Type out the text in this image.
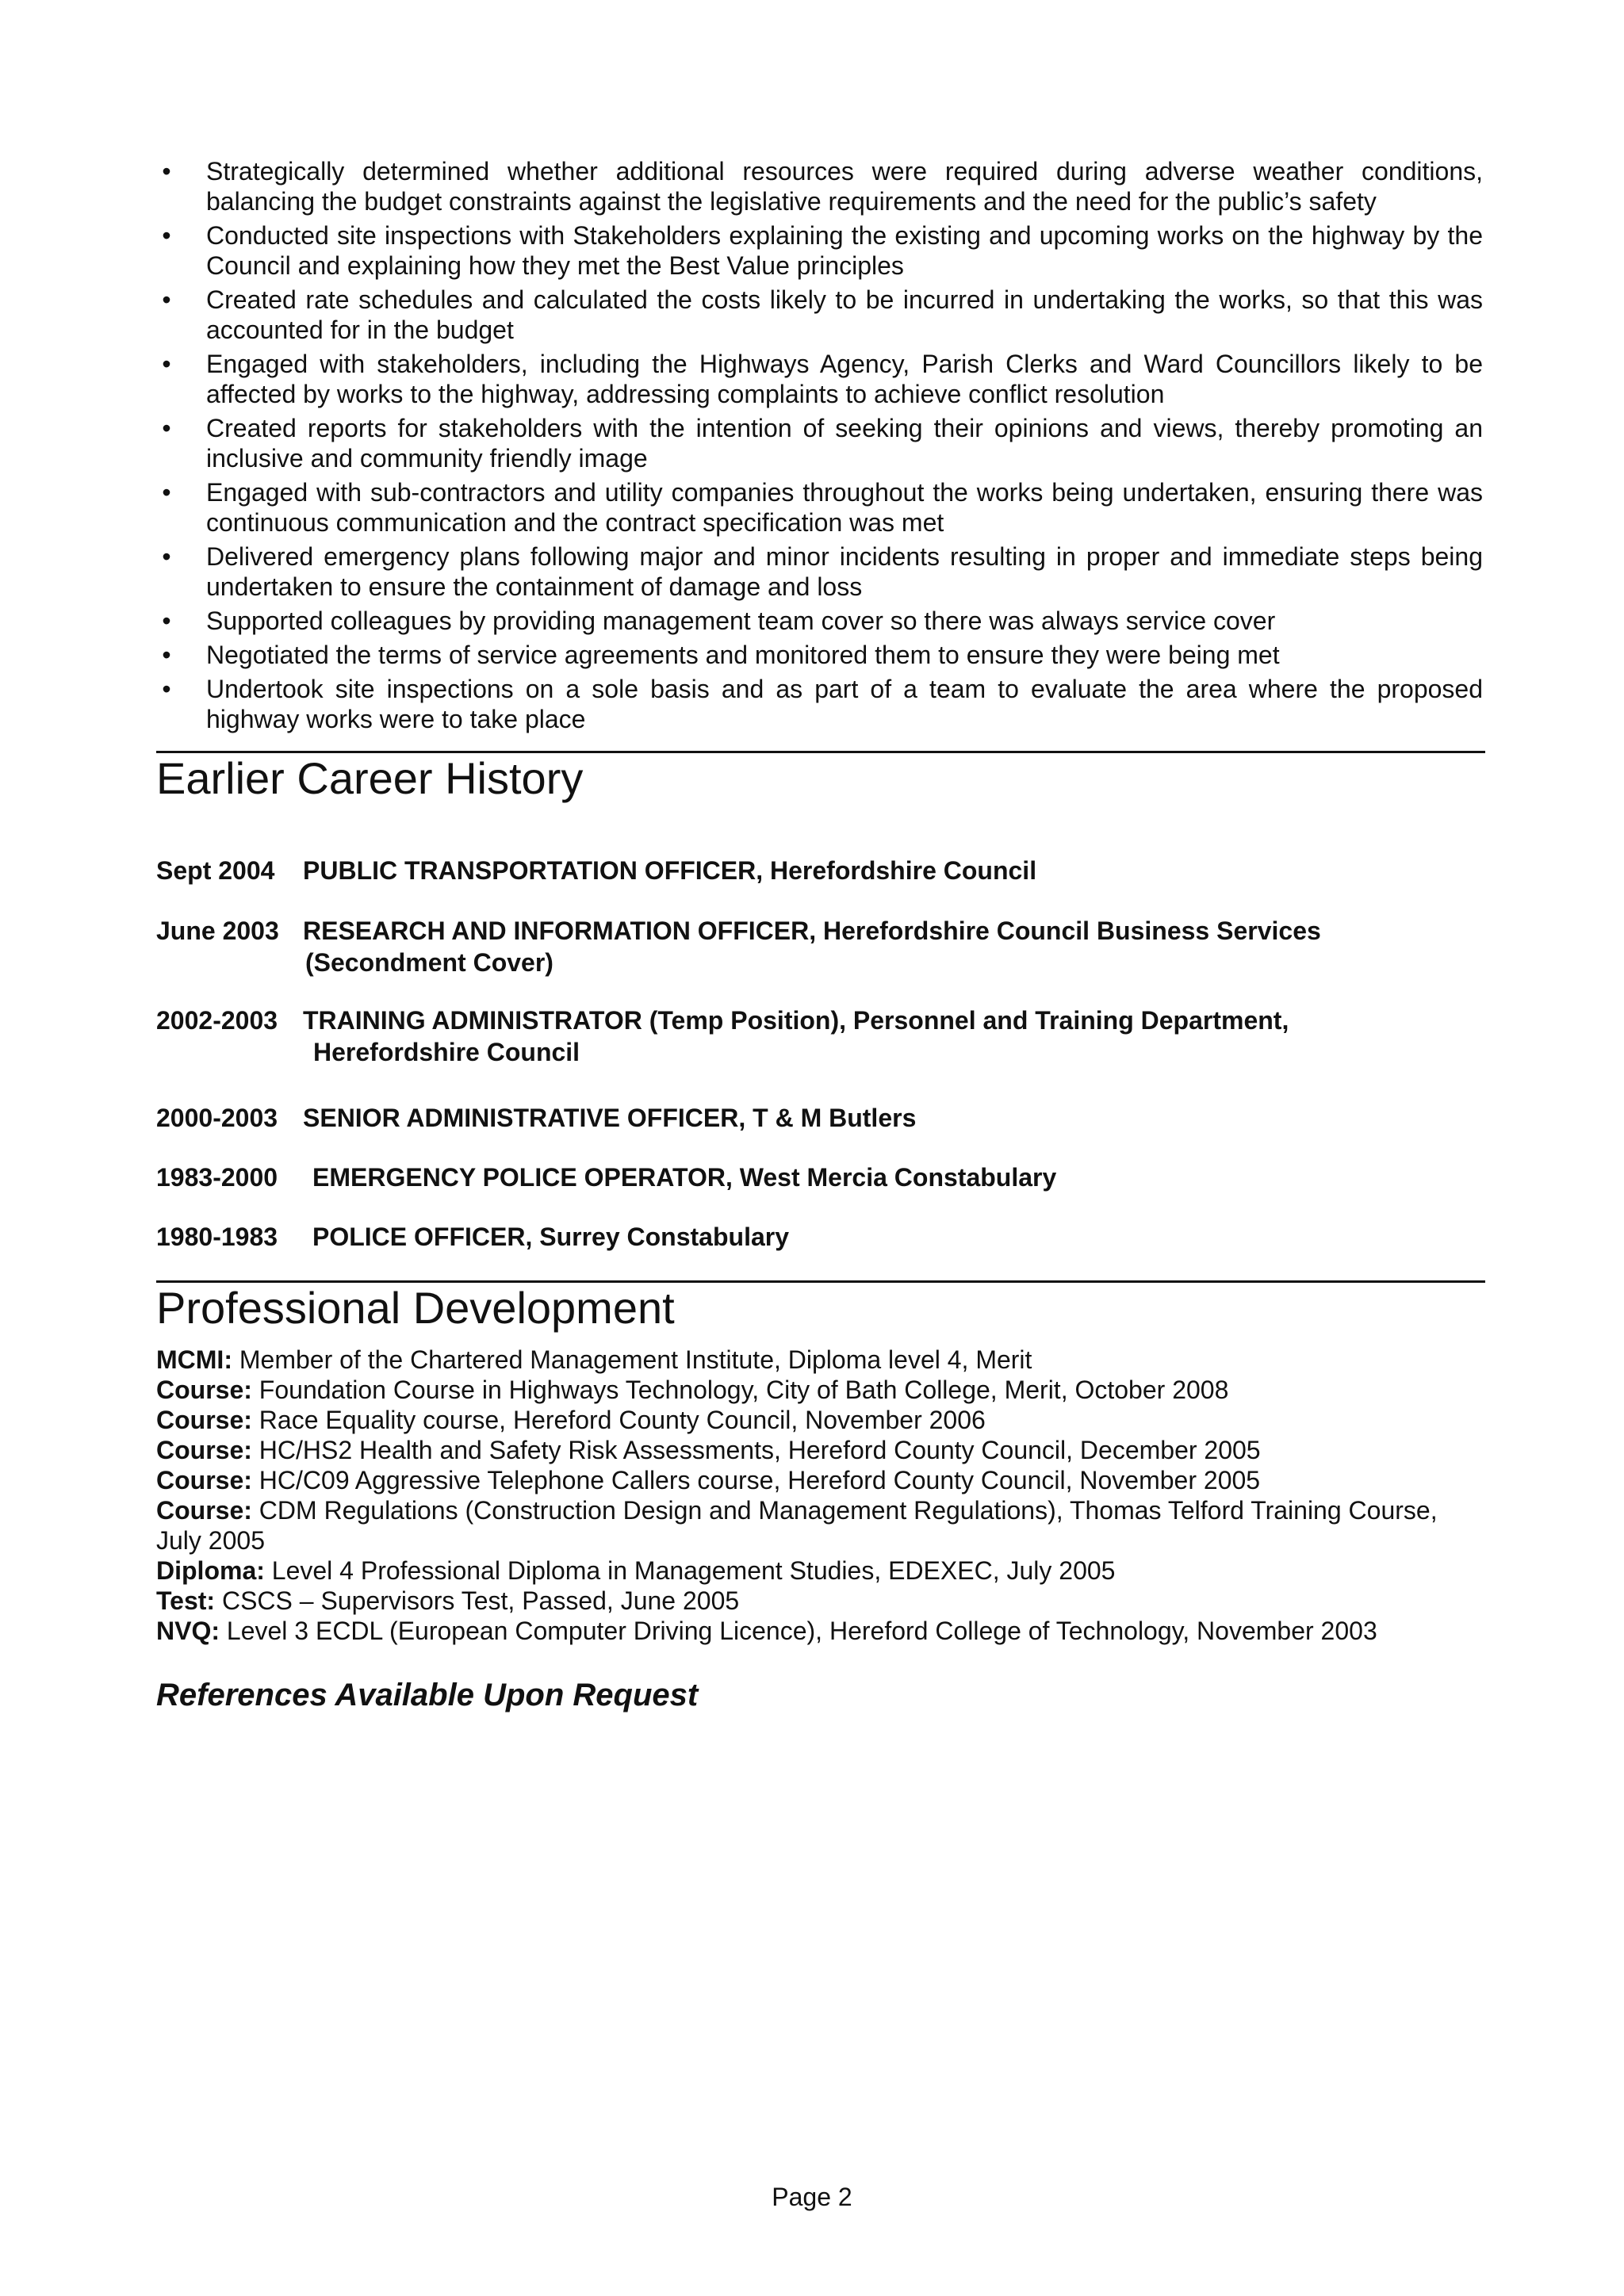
• Strategically determined whether additional resources were required during adverse weather conditions, balancing the budget constraints against the legislative requirements and the need for the public’s safety
• Conducted site inspections with Stakeholders explaining the existing and upcoming works on the highway by the Council and explaining how they met the Best Value principles
• Created rate schedules and calculated the costs likely to be incurred in undertaking the works, so that this was accounted for in the budget
• Engaged with stakeholders, including the Highways Agency, Parish Clerks and Ward Councillors likely to be affected by works to the highway, addressing complaints to achieve conflict resolution
• Created reports for stakeholders with the intention of seeking their opinions and views, thereby promoting an inclusive and community friendly image
• Engaged with sub-contractors and utility companies throughout the works being undertaken, ensuring there was continuous communication and the contract specification was met
• Delivered emergency plans following major and minor incidents resulting in proper and immediate steps being undertaken to ensure the containment of damage and loss
• Supported colleagues by providing management team cover so there was always service cover
• Negotiated the terms of service agreements and monitored them to ensure they were being met
• Undertook site inspections on a sole basis and as part of a team to evaluate the area where the proposed highway works were to take place
Earlier Career History
Sept 2004 PUBLIC TRANSPORTATION OFFICER, Herefordshire Council
June 2003 RESEARCH AND INFORMATION OFFICER, Herefordshire Council Business Services
(Secondment Cover)
2002-2003 TRAINING ADMINISTRATOR (Temp Position), Personnel and Training Department,
Herefordshire Council
2000-2003 SENIOR ADMINISTRATIVE OFFICER, T & M Butlers
1983-2000 EMERGENCY POLICE OPERATOR, West Mercia Constabulary
1980-1983 POLICE OFFICER, Surrey Constabulary
Professional Development

MCMI: Member of the Chartered Management Institute, Diploma level 4, Merit

Course: Foundation Course in Highways Technology, City of Bath College, Merit, October 2008

Course: Race Equality course, Hereford County Council, November 2006

Course: HC/HS2 Health and Safety Risk Assessments, Hereford County Council, December 2005

Course: HC/C09 Aggressive Telephone Callers course, Hereford County Council, November 2005

Course: CDM Regulations (Construction Design and Management Regulations), Thomas Telford Training Course, July 2005

Diploma: Level 4 Professional Diploma in Management Studies, EDEXEC, July 2005

Test: CSCS – Supervisors Test, Passed, June 2005

NVQ: Level 3 ECDL (European Computer Driving Licence), Hereford College of Technology, November 2003

References Available Upon Request
Page 2
